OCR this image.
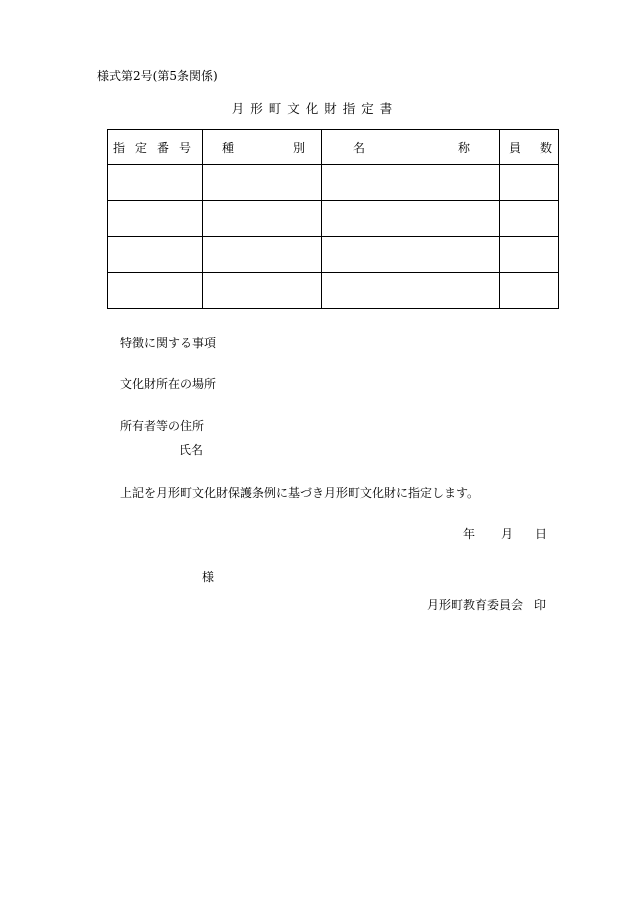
様式第2号(第5条関係)
月形町文化財指定書
指定番号	種 別	名 称	員 数

特徴に関する事項
文化財所在の場所
所有者等の住所
氏名
上記を月形町文化財保護条例に基づき月形町文化財に指定します。
年 月 日
様
月形町教育委員会 印
